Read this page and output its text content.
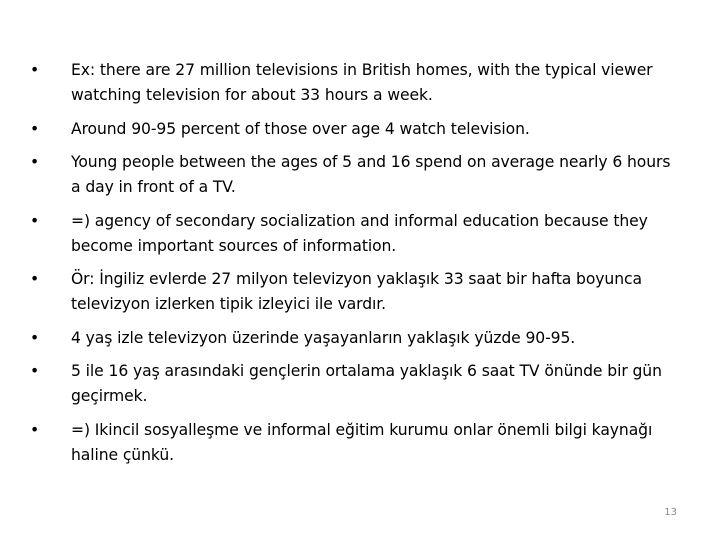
•	Ex: there are 27 million televisions in British homes, with the typical viewer watching television for about 33 hours a week.
•	Around 90-95 percent of those over age 4 watch television.
•	Young people between the ages of 5 and 16 spend on average nearly 6 hours a day in front of a TV.
•	=) agency of secondary socialization and informal education because they become important sources of information.
•	Ör: İngiliz evlerde 27 milyon televizyon yaklaşık 33 saat bir hafta boyunca televizyon izlerken tipik izleyici ile vardır.
•	4 yaş izle televizyon üzerinde yaşayanların yaklaşık yüzde 90-95.
•	5 ile 16 yaş arasındaki gençlerin ortalama yaklaşık 6 saat TV önünde bir gün geçirmek.
•	=) Ikincil sosyalleşme ve informal eğitim kurumu onlar önemli bilgi kaynağı haline çünkü.
13
